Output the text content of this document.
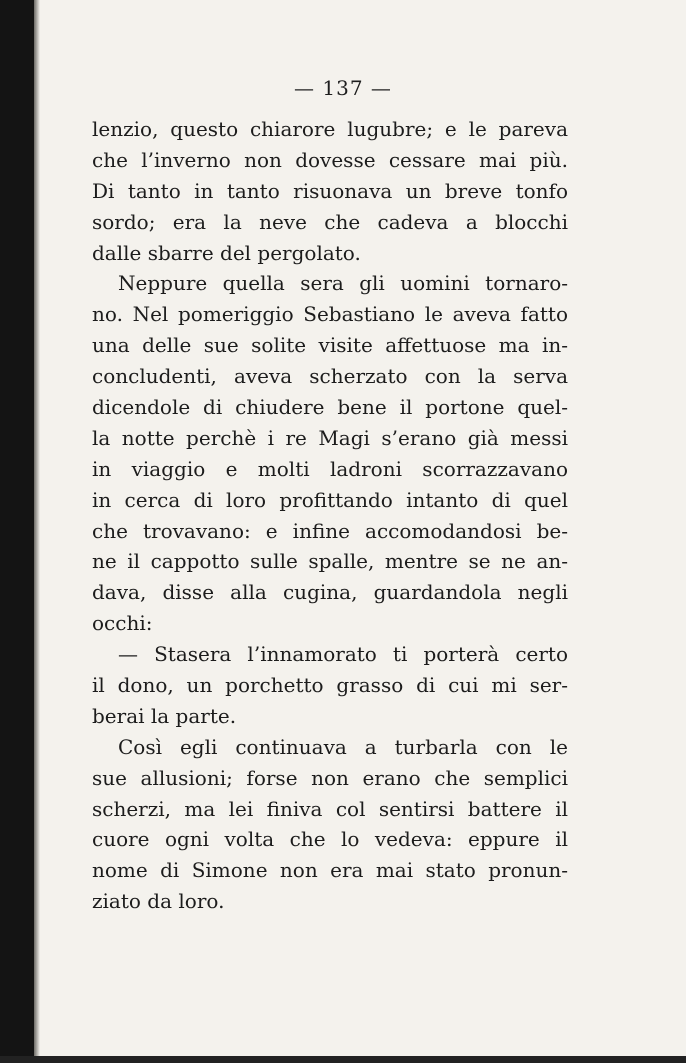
— 137 —
lenzio, questo chiarore lugubre; e le pareva
che l’inverno non dovesse cessare mai più.
Di tanto in tanto risuonava un breve tonfo
sordo; era la neve che cadeva a blocchi
dalle sbarre del pergolato.
Neppure quella sera gli uomini tornaro-
no. Nel pomeriggio Sebastiano le aveva fatto
una delle sue solite visite affettuose ma in-
concludenti, aveva scherzato con la serva
dicendole di chiudere bene il portone quel-
la notte perchè i re Magi s’erano già messi
in viaggio e molti ladroni scorrazzavano
in cerca di loro profittando intanto di quel
che trovavano: e infine accomodandosi be-
ne il cappotto sulle spalle, mentre se ne an-
dava, disse alla cugina, guardandola negli
occhi:
— Stasera l’innamorato ti porterà certo
il dono, un porchetto grasso di cui mi ser-
berai la parte.
Così egli continuava a turbarla con le
sue allusioni; forse non erano che semplici
scherzi, ma lei finiva col sentirsi battere il
cuore ogni volta che lo vedeva: eppure il
nome di Simone non era mai stato pronun-
ziato da loro.
